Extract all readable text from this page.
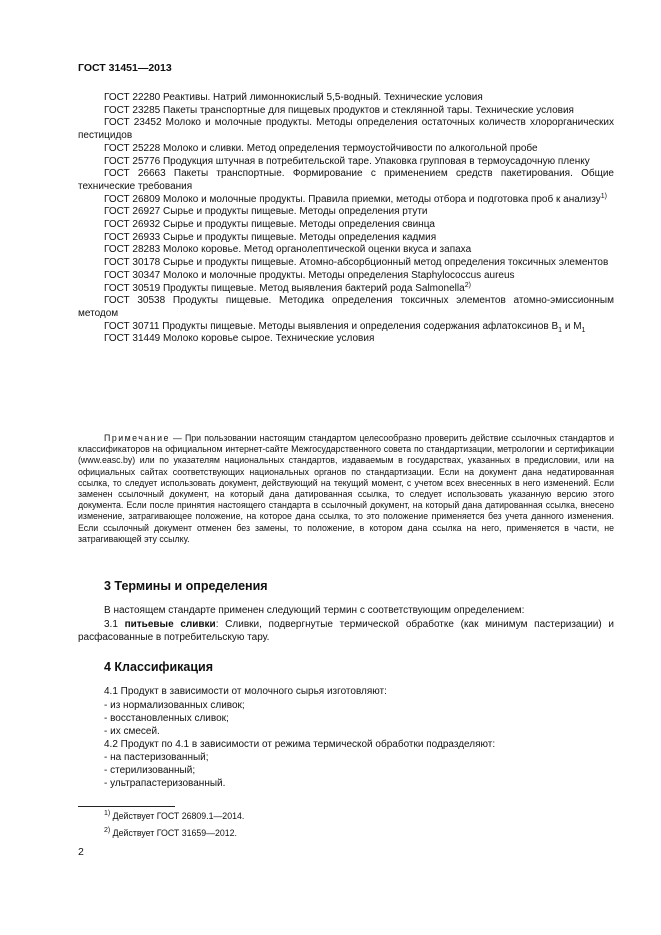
ГОСТ 31451—2013

ГОСТ 22280 Реактивы. Натрий лимоннокислый 5,5-водный. Технические условия

ГОСТ 23285 Пакеты транспортные для пищевых продуктов и стеклянной тары. Технические условия

ГОСТ 23452 Молоко и молочные продукты. Методы определения остаточных количеств хлорорганических пестицидов

ГОСТ 25228 Молоко и сливки. Метод определения термоустойчивости по алкогольной пробе

ГОСТ 25776 Продукция штучная в потребительской таре. Упаковка групповая в термоусадочную пленку

ГОСТ 26663 Пакеты транспортные. Формирование с применением средств пакетирования. Общие технические требования

ГОСТ 26809 Молоко и молочные продукты. Правила приемки, методы отбора и подготовка проб к анализу$^{1)}$

ГОСТ 26927 Сырье и продукты пищевые. Методы определения ртути

ГОСТ 26932 Сырье и продукты пищевые. Методы определения свинца

ГОСТ 26933 Сырье и продукты пищевые. Методы определения кадмия

ГОСТ 28283 Молоко коровье. Метод органолептической оценки вкуса и запаха

ГОСТ 30178 Сырье и продукты пищевые. Атомно-абсорбционный метод определения токсичных элементов

ГОСТ 30347 Молоко и молочные продукты. Методы определения Staphylococcus aureus

ГОСТ 30519 Продукты пищевые. Метод выявления бактерий рода Salmonella$^{2)}$

ГОСТ 30538 Продукты пищевые. Методика определения токсичных элементов атомно-эмиссионным методом

ГОСТ 30711 Продукты пищевые. Методы выявления и определения содержания афлатоксинов $B_1$ и $M_1$

ГОСТ 31449 Молоко коровье сырое. Технические условия

Примечание — При пользовании настоящим стандартом целесообразно проверить действие ссылочных стандартов и классификаторов на официальном интернет-сайте Межгосударственного совета по стандартизации, метрологии и сертификации (www.easc.by) или по указателям национальных стандартов, издаваемым в государствах, указанных в предисловии, или на официальных сайтах соответствующих национальных органов по стандартизации. Если на документ дана недатированная ссылка, то следует использовать документ, действующий на текущий момент, с учетом всех внесенных в него изменений. Если заменен ссылочный документ, на который дана датированная ссылка, то следует использовать указанную версию этого документа. Если после принятия настоящего стандарта в ссылочный документ, на который дана датированная ссылка, внесено изменение, затрагивающее положение, на которое дана ссылка, то это положение применяется без учета данного изменения. Если ссылочный документ отменен без замены, то положение, в котором дана ссылка на него, применяется в части, не затрагивающей эту ссылку.

3 Термины и определения

В настоящем стандарте применен следующий термин с соответствующим определением:

3.1 питьевые сливки: Сливки, подвергнутые термической обработке (как минимум пастеризации) и расфасованные в потребительскую тару.

4 Классификация

4.1 Продукт в зависимости от молочного сырья изготовляют:

- из нормализованных сливок;

- восстановленных сливок;

- их смесей.

4.2 Продукт по 4.1 в зависимости от режима термической обработки подразделяют:

- на пастеризованный;

- стерилизованный;

- ультрапастеризованный.

$^{1)}$ Действует ГОСТ 26809.1—2014.

$^{2)}$ Действует ГОСТ 31659—2012.

2
